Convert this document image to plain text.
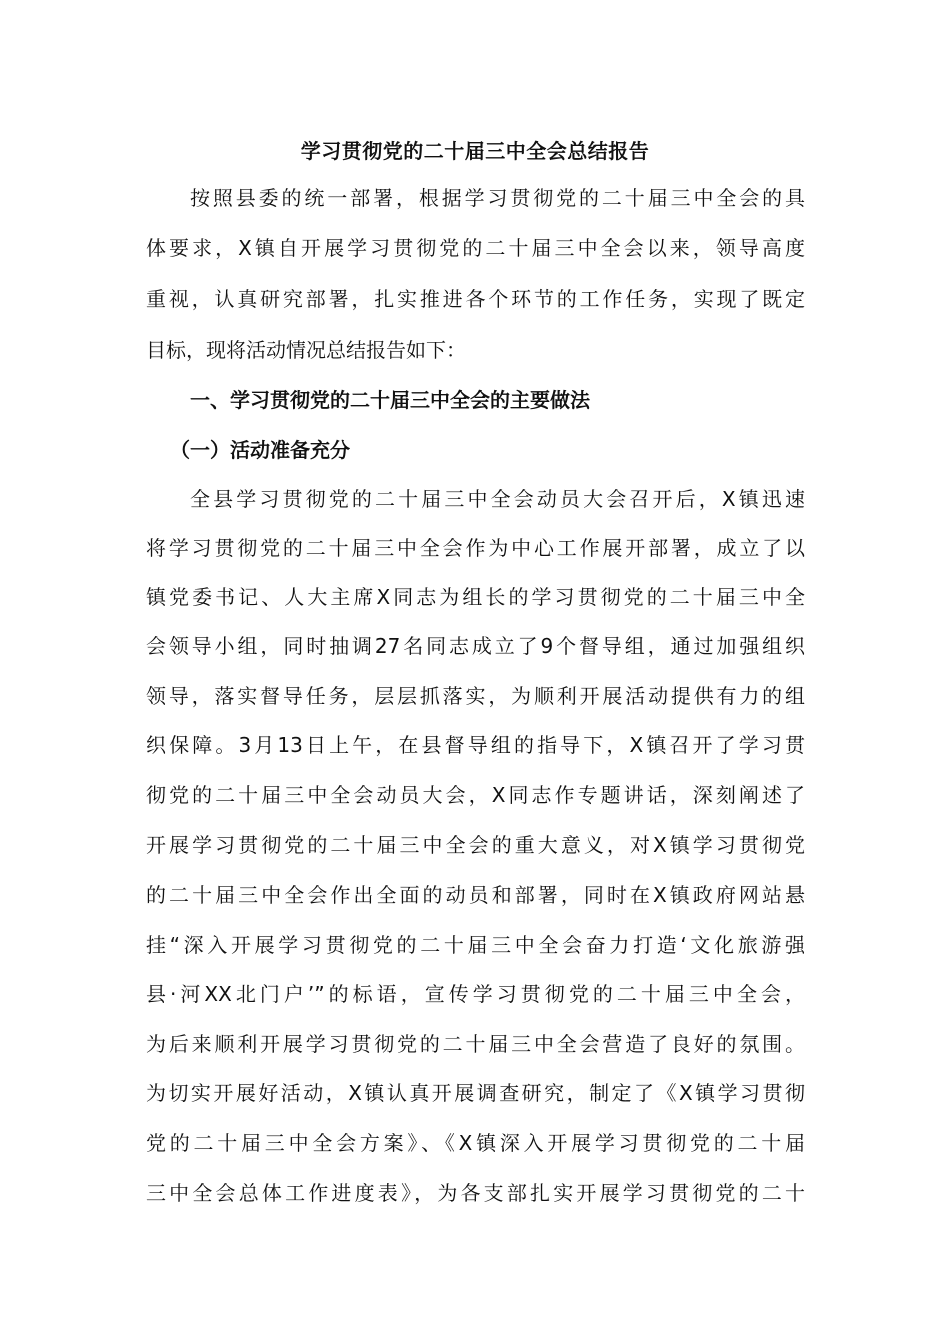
学习贯彻党的二十届三中全会总结报告
按照县委的统一部署，根据学习贯彻党的二十届三中全会的具
体要求，X镇自开展学习贯彻党的二十届三中全会以来，领导高度
重视，认真研究部署，扎实推进各个环节的工作任务，实现了既定
目标，现将活动情况总结报告如下：
一、学习贯彻党的二十届三中全会的主要做法
（一）活动准备充分
全县学习贯彻党的二十届三中全会动员大会召开后，X镇迅速
将学习贯彻党的二十届三中全会作为中心工作展开部署，成立了以
镇党委书记、人大主席X同志为组长的学习贯彻党的二十届三中全
会领导小组，同时抽调27名同志成立了9个督导组，通过加强组织
领导，落实督导任务，层层抓落实，为顺利开展活动提供有力的组
织保障。3月13日上午，在县督导组的指导下，X镇召开了学习贯
彻党的二十届三中全会动员大会，X同志作专题讲话，深刻阐述了
开展学习贯彻党的二十届三中全会的重大意义，对X镇学习贯彻党
的二十届三中全会作出全面的动员和部署，同时在X镇政府网站悬
挂“深入开展学习贯彻党的二十届三中全会奋力打造‘文化旅游强
县·河XX北门户’”的标语，宣传学习贯彻党的二十届三中全会，
为后来顺利开展学习贯彻党的二十届三中全会营造了良好的氛围。
为切实开展好活动，X镇认真开展调查研究，制定了《X镇学习贯彻
党的二十届三中全会方案》、《X镇深入开展学习贯彻党的二十届
三中全会总体工作进度表》，为各支部扎实开展学习贯彻党的二十
